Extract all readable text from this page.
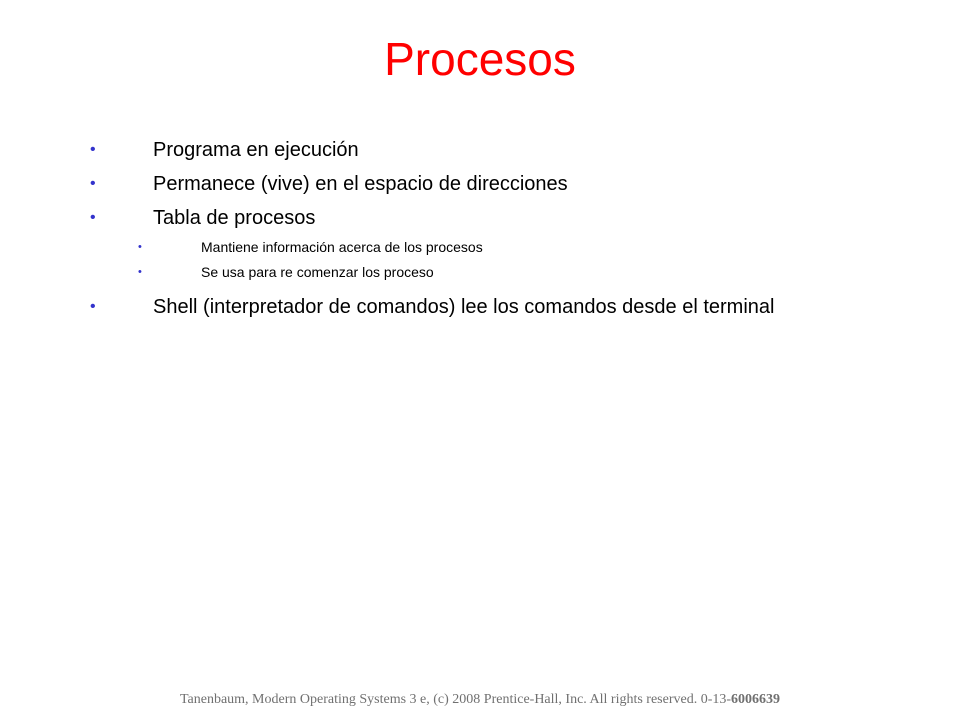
Procesos
•	Programa en ejecución
•	Permanece (vive) en el espacio de direcciones
•	Tabla de procesos
•	Mantiene información acerca de los procesos
•	Se usa para re comenzar los proceso
•	Shell (interpretador de comandos) lee los comandos desde el terminal
Tanenbaum, Modern Operating Systems 3 e, (c) 2008 Prentice-Hall, Inc. All rights reserved. 0-13-6006639
